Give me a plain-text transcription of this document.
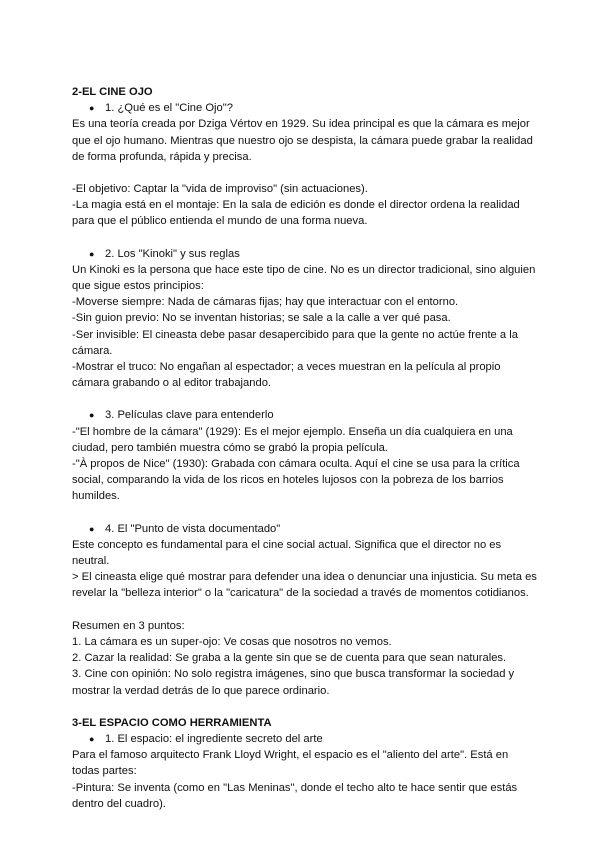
2-EL CINE OJO
● 1. ¿Qué es el "Cine Ojo"?
Es una teoría creada por Dziga Vértov en 1929. Su idea principal es que la cámara es mejor que el ojo humano. Mientras que nuestro ojo se despista, la cámara puede grabar la realidad de forma profunda, rápida y precisa.
-El objetivo: Captar la "vida de improviso" (sin actuaciones).
-La magia está en el montaje: En la sala de edición es donde el director ordena la realidad para que el público entienda el mundo de una forma nueva.
● 2. Los "Kinoki" y sus reglas
Un Kinoki es la persona que hace este tipo de cine. No es un director tradicional, sino alguien que sigue estos principios:
-Moverse siempre: Nada de cámaras fijas; hay que interactuar con el entorno.
-Sin guion previo: No se inventan historias; se sale a la calle a ver qué pasa.
-Ser invisible: El cineasta debe pasar desapercibido para que la gente no actúe frente a la cámara.
-Mostrar el truco: No engañan al espectador; a veces muestran en la película al propio cámara grabando o al editor trabajando.
● 3. Películas clave para entenderlo
-"El hombre de la cámara" (1929): Es el mejor ejemplo. Enseña un día cualquiera en una ciudad, pero también muestra cómo se grabó la propia película.
-"À propos de Nice" (1930): Grabada con cámara oculta. Aquí el cine se usa para la crítica social, comparando la vida de los ricos en hoteles lujosos con la pobreza de los barrios humildes.
● 4. El "Punto de vista documentado"
Este concepto es fundamental para el cine social actual. Significa que el director no es neutral.
> El cineasta elige qué mostrar para defender una idea o denunciar una injusticia. Su meta es revelar la "belleza interior" o la "caricatura" de la sociedad a través de momentos cotidianos.
Resumen en 3 puntos:
1. La cámara es un super-ojo: Ve cosas que nosotros no vemos.
2. Cazar la realidad: Se graba a la gente sin que se de cuenta para que sean naturales.
3. Cine con opinión: No solo registra imágenes, sino que busca transformar la sociedad y mostrar la verdad detrás de lo que parece ordinario.
3-EL ESPACIO COMO HERRAMIENTA
● 1. El espacio: el ingrediente secreto del arte
Para el famoso arquitecto Frank Lloyd Wright, el espacio es el "aliento del arte". Está en todas partes:
-Pintura: Se inventa (como en "Las Meninas", donde el techo alto te hace sentir que estás dentro del cuadro).
